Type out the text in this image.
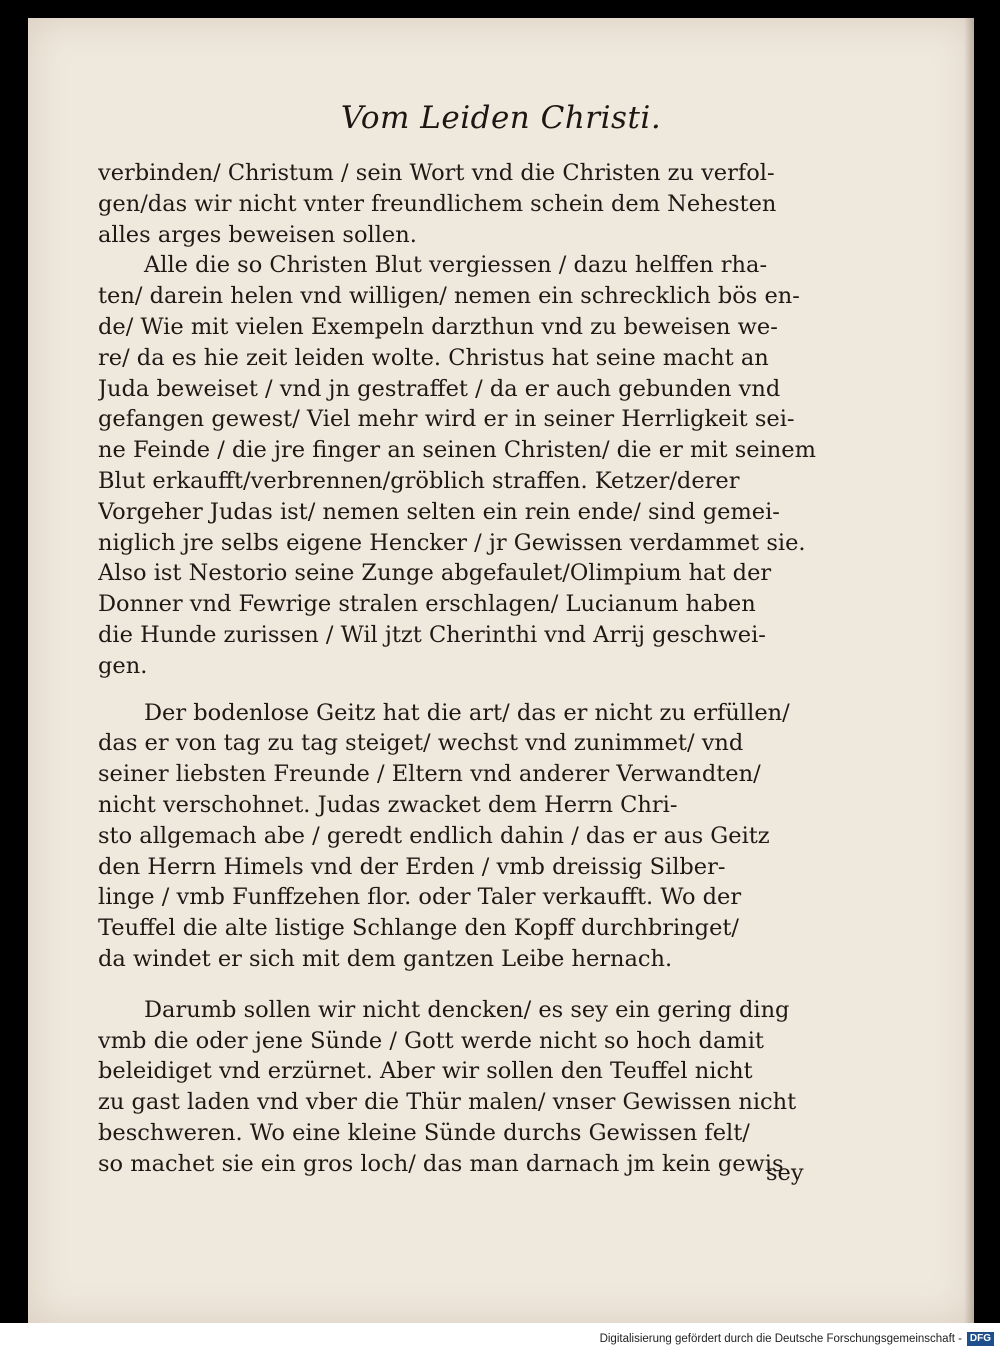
Vom Leiden Christi.
verbinden/ Christum / sein Wort vnd die Christen zu verfol-
gen/das wir nicht vnter freundlichem schein dem Nehesten
alles arges beweisen sollen.
Alle die so Christen Blut vergiessen / dazu helffen rha-
ten/ darein helen vnd willigen/ nemen ein schrecklich bös en-
de/ Wie mit vielen Exempeln darzthun vnd zu beweisen we-
re/ da es hie zeit leiden wolte. Christus hat seine macht an
Juda beweiset / vnd jn gestraffet / da er auch gebunden vnd
gefangen gewest/ Viel mehr wird er in seiner Herrligkeit sei-
ne Feinde / die jre finger an seinen Christen/ die er mit seinem
Blut erkaufft/verbrennen/gröblich straffen. Ketzer/derer
Vorgeher Judas ist/ nemen selten ein rein ende/ sind gemei-
niglich jre selbs eigene Hencker / jr Gewissen verdammet sie.
Also ist Nestorio seine Zunge abgefaulet/Olimpium hat der
Donner vnd Fewrige stralen erschlagen/ Lucianum haben
die Hunde zurissen / Wil jtzt Cherinthi vnd Arrij geschwei-
gen.
Der bodenlose Geitz hat die art/ das er nicht zu erfüllen/
das er von tag zu tag steiget/ wechst vnd zunimmet/ vnd
seiner liebsten Freunde / Eltern vnd anderer Verwandten/
nicht verschohnet. Judas zwacket dem Herrn Chri-
sto allgemach abe / geredt endlich dahin / das er aus Geitz
den Herrn Himels vnd der Erden / vmb dreissig Silber-
linge / vmb Funffzehen flor. oder Taler verkaufft. Wo der
Teuffel die alte listige Schlange den Kopff durchbringet/
da windet er sich mit dem gantzen Leibe hernach.
Darumb sollen wir nicht dencken/ es sey ein gering ding
vmb die oder jene Sünde / Gott werde nicht so hoch damit
beleidiget vnd erzürnet. Aber wir sollen den Teuffel nicht
zu gast laden vnd vber die Thür malen/ vnser Gewissen nicht
beschweren. Wo eine kleine Sünde durchs Gewissen felt/
so machet sie ein gros loch/ das man darnach jm kein gewis
sey
Digitalisierung gefördert durch die Deutsche Forschungsgemeinschaft - DFG
